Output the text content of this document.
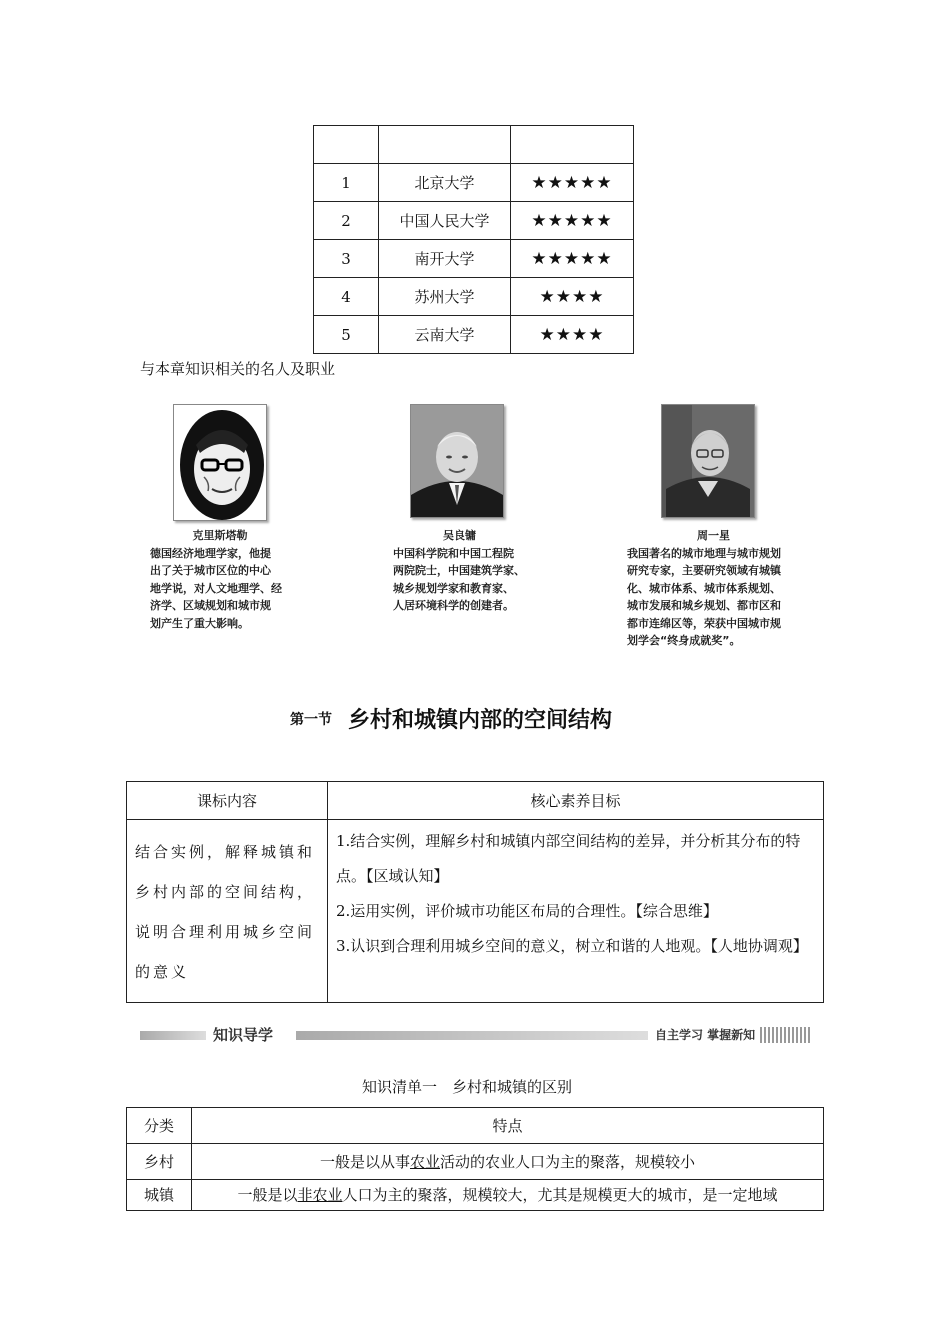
1	北京大学	★★★★★
2	中国人民大学	★★★★★
3	南开大学	★★★★★
4	苏州大学	★★★★
5	云南大学	★★★★
与本章知识相关的名人及职业
克里斯塔勒
德国经济地理学家，他提
出了关于城市区位的中心
地学说，对人文地理学、经
济学、区域规划和城市规
划产生了重大影响。
吴良镛
中国科学院和中国工程院
两院院士，中国建筑学家、
城乡规划学家和教育家、
人居环境科学的创建者。
周一星
我国著名的城市地理与城市规划
研究专家，主要研究领域有城镇
化、城市体系、城市体系规划、
城市发展和城乡规划、都市区和
都市连绵区等，荣获中国城市规
划学会“终身成就奖”。
第一节 乡村和城镇内部的空间结构
课标内容	核心素养目标
结合实例，解释城镇和乡村内部的空间结构，说明合理利用城乡空间的意义	1.结合实例，理解乡村和城镇内部空间结构的差异，并分析其分布的特点。【区域认知】
2.运用实例，评价城市功能区布局的合理性。【综合思维】
3.认识到合理利用城乡空间的意义，树立和谐的人地观。【人地协调观】
知识导学	自主学习 掌握新知
知识清单一　乡村和城镇的区别
分类	特点
乡村	一般是以从事农业活动的农业人口为主的聚落，规模较小
城镇	一般是以非农业人口为主的聚落，规模较大，尤其是规模更大的城市，是一定地域
